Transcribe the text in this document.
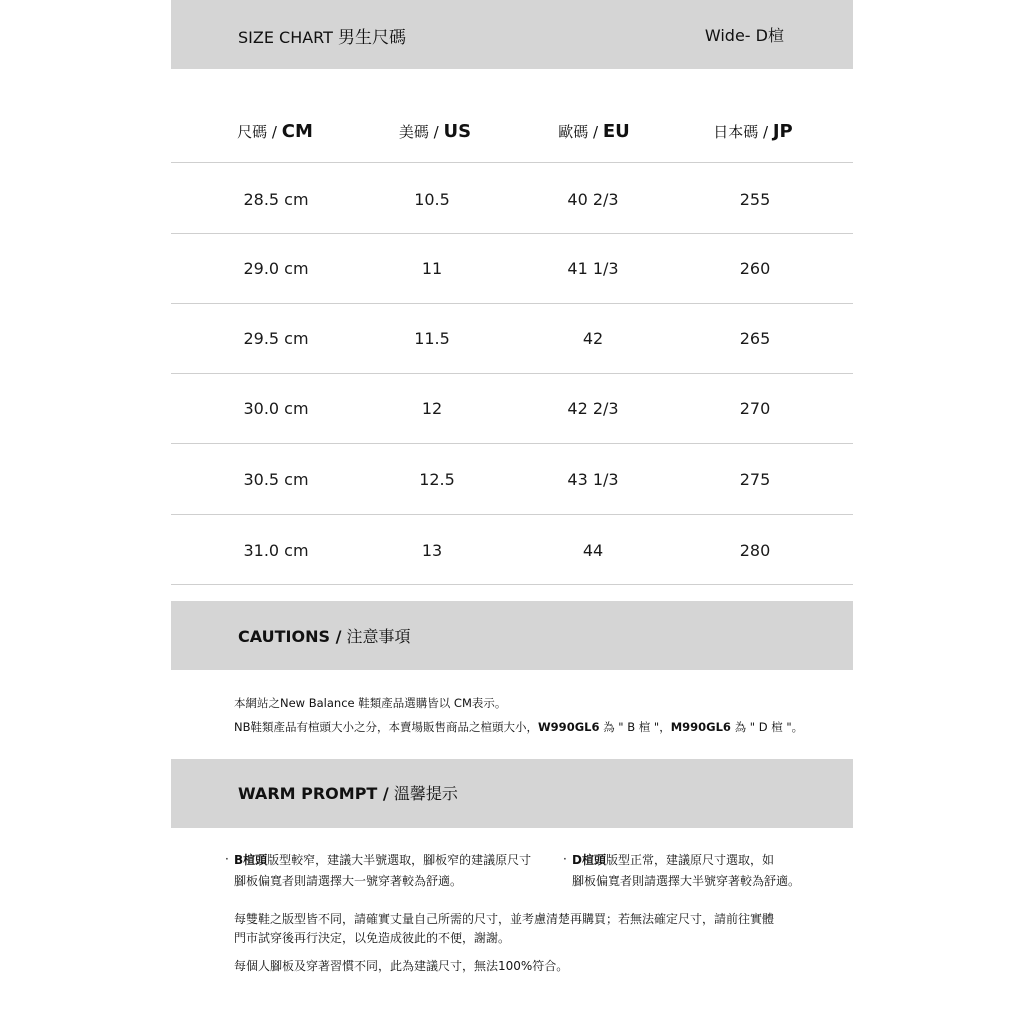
SIZE CHART 男生尺碼	Wide- D楦
尺碼 / CM	美碼 / US	歐碼 / EU	日本碼 / JP
28.5 cm	10.5	40 2/3	255
29.0 cm	11	41 1/3	260
29.5 cm	11.5	42	265
30.0 cm	12	42 2/3	270
30.5 cm	12.5	43 1/3	275
31.0 cm	13	44	280
CAUTIONS / 注意事項
本網站之New Balance 鞋類產品選購皆以 CM表示。
NB鞋類產品有楦頭大小之分，本賣場販售商品之楦頭大小，W990GL6 為 " B 楦 "，M990GL6 為 " D 楦 "。
WARM PROMPT / 溫馨提示
· B楦頭版型較窄，建議大半號選取，腳板窄的建議原尺寸
腳板偏寬者則請選擇大一號穿著較為舒適。
· D楦頭版型正常，建議原尺寸選取，如
腳板偏寬者則請選擇大半號穿著較為舒適。
每雙鞋之版型皆不同，請確實丈量自己所需的尺寸，並考慮清楚再購買；若無法確定尺寸，請前往實體
門市試穿後再行決定，以免造成彼此的不便，謝謝。
每個人腳板及穿著習慣不同，此為建議尺寸，無法100%符合。
